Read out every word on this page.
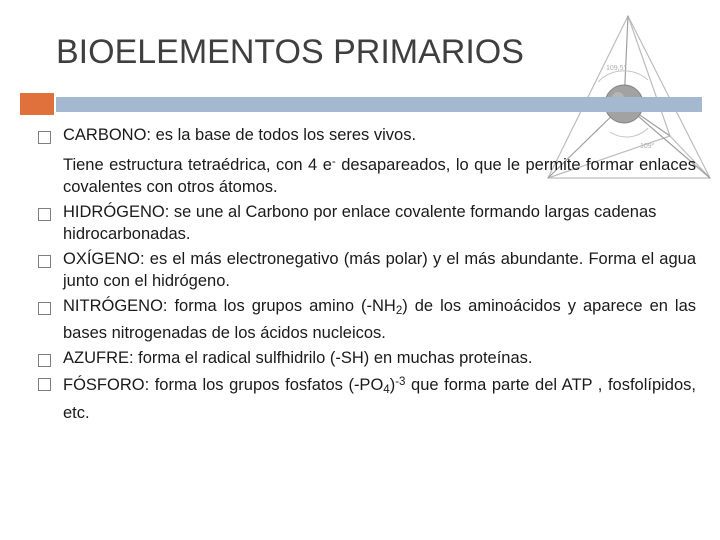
109,5°
109°
BIOELEMENTOS PRIMARIOS

CARBONO: es la base de todos los seres vivos.

Tiene estructura tetraédrica, con 4 e- desapareados, lo que le permite formar enlaces covalentes con otros átomos.

HIDRÓGENO: se une al Carbono por enlace covalente formando largas cadenas hidrocarbonadas.

OXÍGENO: es el más electronegativo (más polar) y el más abundante. Forma el agua junto con el hidrógeno.

NITRÓGENO: forma los grupos amino $(-NH_2)$ de los aminoácidos y aparece en las bases nitrogenadas de los ácidos nucleicos.

AZUFRE: forma el radical sulfhidrilo (-SH) en muchas proteínas.

FÓSFORO: forma los grupos fosfatos $(-PO_4)^{-3}$ que forma parte del ATP , fosfolípidos, etc.
